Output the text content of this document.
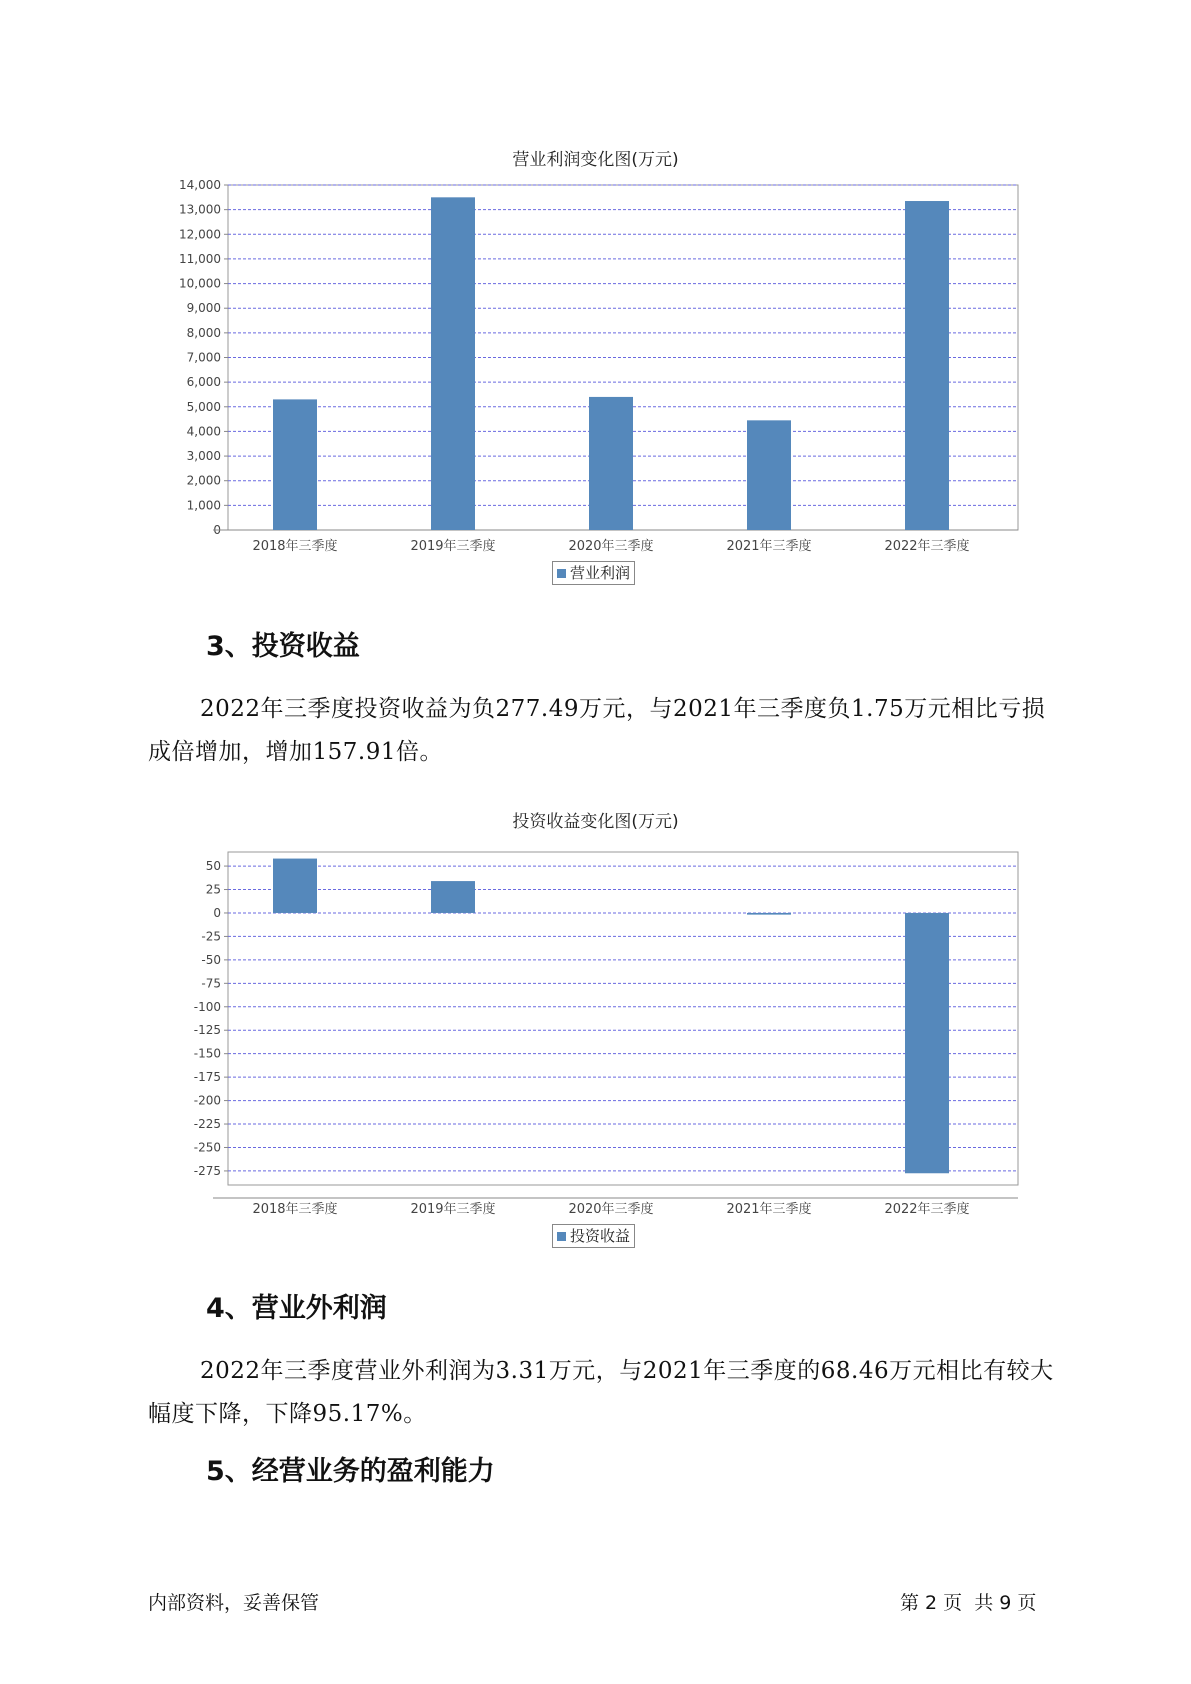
营业利润变化图(万元)
0
1,000
2,000
3,000
4,000
5,000
6,000
7,000
8,000
9,000
10,000
11,000
12,000
13,000
14,000
2018年三季度	2019年三季度	2020年三季度	2021年三季度	2022年三季度
营业利润
3、投资收益

2022年三季度投资收益为负277.49万元，与2021年三季度负1.75万元相比亏损成倍增加，增加157.91倍。

投资收益变化图(万元)
50
25
0
-25
-50
-75
-100
-125
-150
-175
-200
-225
-250
-275
2018年三季度	2019年三季度	2020年三季度	2021年三季度	2022年三季度
投资收益
4、营业外利润

2022年三季度营业外利润为3.31万元，与2021年三季度的68.46万元相比有较大幅度下降，下降95.17%。

5、经营业务的盈利能力
内部资料，妥善保管	第 2 页  共 9 页
